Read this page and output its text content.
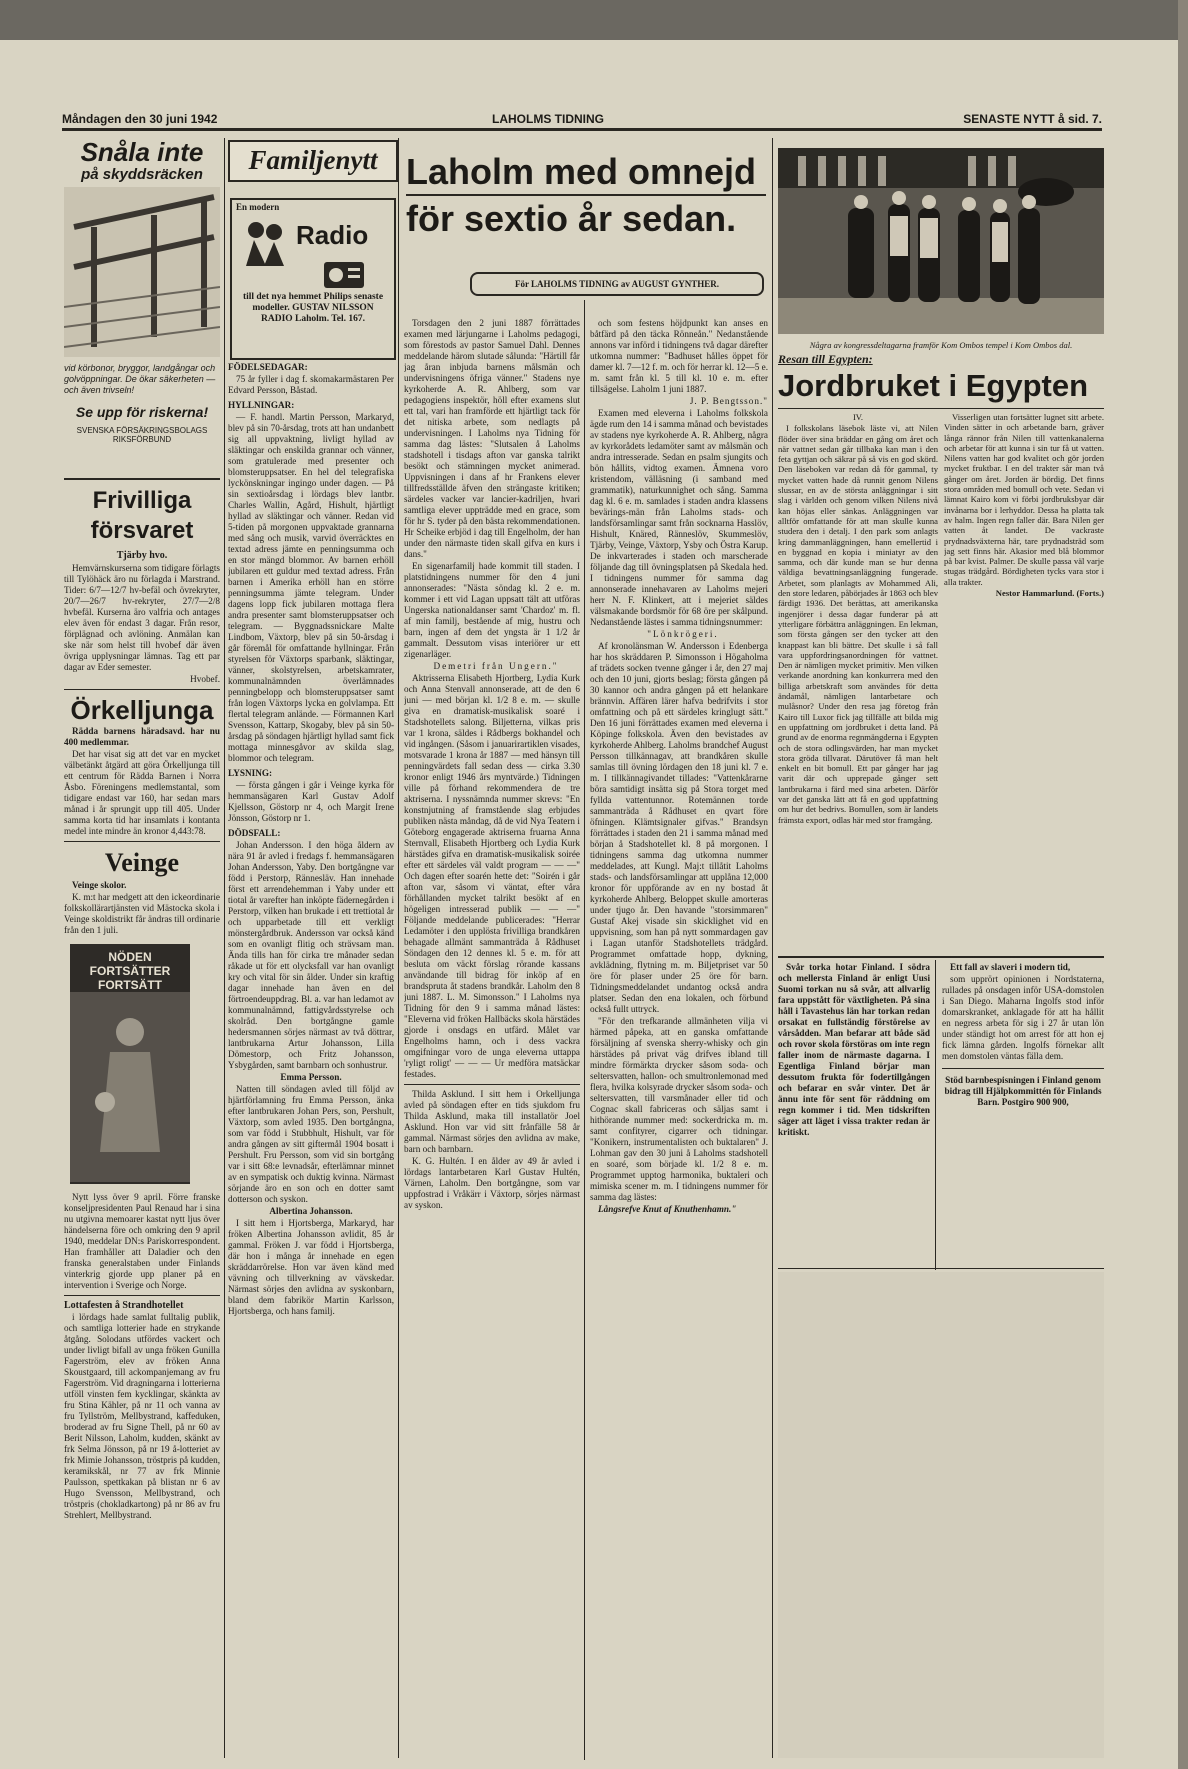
Måndagen den 30 juni 1942	LAHOLMS TIDNING	SENASTE NYTT å sid. 7.
Snåla inte
på skyddsräcken
vid körbonor, bryggor, landgångar och golvöppningar. De ökar säkerheten — och även trivseln!
Se upp för riskerna!
SVENSKA FÖRSÄKRINGSBOLAGS RIKSFÖRBUND
Frivilliga försvaret
Tjärby hvo.

Hemvärnskurserna som tidigare förlagts till Tylöhäck äro nu förlagda i Marstrand. Tider: 6/7—12/7 hv-befäl och övrekryter, 20/7—26/7 hv-rekryter, 27/7—2/8 hvbefäl. Kurserna äro valfria och antages elev även för endast 3 dagar. Från resor, förplägnad och avlöning. Anmälan kan ske när som helst till hvobef där även övriga upplysningar lämnas. Tag ett par dagar av Eder semester.

Hvobef.

Örkelljunga

Rädda barnens häradsavd. har nu 400 medlemmar.

Det har visat sig att det var en mycket välbetänkt åtgärd att göra Örkelljunga till ett centrum för Rädda Barnen i Norra Åsbo. Föreningens medlemstantal, som tidigare endast var 160, har sedan mars månad i år sprungit upp till 405. Under samma korta tid har insamlats i kontanta medel inte mindre än kronor 4,443:78.

Veinge

Veinge skolor.

K. m:t har medgett att den ickeordinarie folkskollärartjänsten vid Mästocka skola i Veinge skoldistrikt får ändras till ordinarie från den 1 juli.

NÖDEN FORTSÄTTER
FORTSÄTT

Nytt lyss över 9 april. Förre franske konseljpresidenten Paul Renaud har i sina nu utgivna memoarer kastat nytt ljus över händelserna före och omkring den 9 april 1940, meddelar DN:s Pariskorrespondent. Han framhåller att Daladier och den franska generalstaben under Finlands vinterkrig gjorde upp planer på en intervention i Sverige och Norge.

Lottafesten å Strandhotellet

i lördags hade samlat fulltalig publik, och samtliga lotterier hade en strykande åtgång. Solodans utfördes vackert och under livligt bifall av unga fröken Gunilla Fagerström, elev av fröken Anna Skoustgaard, till ackompanjemang av fru Fagerström. Vid dragningarna i lotterierna utföll vinsten fem kycklingar, skänkta av fru Stina Kähler, på nr 11 och vanna av fru Tyllström, Mellbystrand, kaffeduken, broderad av fru Signe Thell, på nr 60 av Berit Nilsson, Laholm, kudden, skänkt av frk Selma Jönsson, på nr 19 å-lotteriet av frk Mimie Johansson, tröstpris på kudden, keramikskål, nr 77 av frk Minnie Paulsson, spettkakan på blistan nr 6 av Hugo Svensson, Mellbystrand, och tröstpris (chokladkartong) på nr 86 av fru Strehlert, Mellbystrand.

Familjenytt
En modern
Radio
till det nya hemmet Philips senaste modeller. GUSTAV NILSSON RADIO Laholm. Tel. 167.

FÖDELSEDAGAR:

75 år fyller i dag f. skomakarmästaren Per Edvard Persson, Båstad.

HYLLNINGAR:

— F. handl. Martin Persson, Markaryd, blev på sin 70-årsdag, trots att han undanbett sig all uppvaktning, livligt hyllad av släktingar och enskilda grannar och vänner, som gratulerade med presenter och blomsteruppsatser. En hel del telegrafiska lyckönskningar ingingo under dagen. — På sin sextioårsdag i lördags blev lantbr. Charles Wallin, Agård, Hishult, hjärtligt hyllad av släktingar och vänner. Redan vid 5-tiden på morgonen uppvaktade grannarna med sång och musik, varvid överräcktes en textad adress jämte en penningsumma och en stor mängd blommor. Av barnen erhöll jubilaren ett guldur med textad adress. Från barnen i Amerika erhöll han en större penningsumma jämte telegram. Under dagens lopp fick jubilaren mottaga flera andra presenter samt blomsteruppsatser och telegram. — Byggnadssnickare Malte Lindbom, Växtorp, blev på sin 50-årsdag i går föremål för omfattande hyllningar. Från styrelsen för Växtorps sparbank, släktingar, vänner, skolstyrelsen, arbetskamrater, kommunalnämnden överlämnades penningbelopp och blomsteruppsatser samt från logen Växtorps lycka en golvlampa. Ett flertal telegram anlände. — Förmannen Karl Svensson, Kattarp, Skogaby, blev på sin 50-årsdag på söndagen hjärtligt hyllad samt fick mottaga minnesgåvor av skilda slag, blommor och telegram.

LYSNING:

— första gången i går i Veinge kyrka för hemmansägaren Karl Gustav Adolf Kjellsson, Göstorp nr 4, och Margit Irene Jönsson, Göstorp nr 1.

DÖDSFALL:

Johan Andersson. I den höga åldern av nära 91 år avled i fredags f. hemmansägaren Johan Andersson, Yaby. Den bortgångne var född i Perstorp, Rännesläv. Han innehade först ett arrendehemman i Yaby under ett tiotal år varefter han inköpte fädernegården i Perstorp, vilken han brukade i ett trettiotal år och upparbetade till ett verkligt mönstergårdbruk. Andersson var också känd som en ovanligt flitig och strävsam man. Ända tills han för cirka tre månader sedan råkade ut för ett olycksfall var han ovanligt kry och vital för sin ålder. Under sin kraftig dagar innehade han även en del förtroendeuppdrag. Bl. a. var han ledamot av kommunalnämnd, fattigvårdsstyrelse och skolråd. Den bortgångne gamle hedersmannen sörjes närmast av två döttrar, lantbrukarna Artur Johansson, Lilla Dömestorp, och Fritz Johansson, Ysbygården, samt barnbarn och sonhustrur.

Emma Persson.

Natten till söndagen avled till följd av hjärtförlamning fru Emma Persson, änka efter lantbrukaren Johan Pers, son, Pershult, Växtorp, som avled 1935. Den bortgångna, som var född i Stubbhult, Hishult, var för andra gången av sitt giftermål 1904 bosatt i Pershult. Fru Persson, som vid sin bortgång var i sitt 68:e levnadsår, efterlämnar minnet av en sympatisk och duktig kvinna. Närmast sörjande äro en son och en dotter samt dotterson och syskon.

Albertina Johansson.

I sitt hem i Hjortsberga, Markaryd, har fröken Albertina Johansson avlidit, 85 år gammal. Fröken J. var född i Hjortsberga, där hon i många år innehade en egen skräddarrörelse. Hon var även känd med vävning och tillverkning av vävskedar. Närmast sörjes den avlidna av syskonbarn, bland dem fabrikör Martin Karlsson, Hjortsberga, och hans familj.

Laholm med omnejd
för sextio år sedan.
För LAHOLMS TIDNING av AUGUST GYNTHER.

Torsdagen den 2 juni 1887 förrättades examen med lärjungarne i Laholms pedagogi, som förestods av pastor Samuel Dahl. Dennes meddelande härom slutade sålunda: "Härtill får jag åran inbjuda barnens målsmän och undervisningens öfriga vänner." Stadens nye kyrkoherde A. R. Ahlberg, som var pedagogiens inspektör, höll efter examens slut ett tal, vari han framförde ett hjärtligt tack för det nitiska arbete, som nedlagts på undervisningen. I Laholms nya Tidning för samma dag lästes: "Slutsalen å Laholms stadshotell i tisdags afton var ganska talrikt besökt och stämningen mycket animerad. Uppvisningen i dans af hr Frankens elever tillfredsställde äfven den strängaste kritiken; särdeles vacker var lancier-kadriljen, hvari samtliga elever uppträdde med en grace, som för hr S. tyder på den bästa rekommendationen. Hr Scheike erbjöd i dag till Engelholm, der han under den närmaste tiden skall gifva en kurs i dans."

En sigenarfamilj hade kommit till staden. I platstidningens nummer för den 4 juni annonserades: "Nästa söndag kl. 2 e. m. kommer i ett vid Lagan uppsatt tält att utföras Ungerska nationaldanser samt 'Chardoz' m. fl. af min familj, bestående af mig, hustru och barn, ingen af dem det yngsta är 1 1/2 år gammalt. Dessutom visas interiörer ur ett zigenarläger.

Demetri från Ungern."

Aktrisserna Elisabeth Hjortberg, Lydia Kurk och Anna Stenvall annonserade, att de den 6 juni — med början kl. 1/2 8 e. m. — skulle giva en dramatisk-musikalisk soaré i Stadshotellets salong. Biljetterna, vilkas pris var 1 krona, säldes i Rådbergs bokhandel och vid ingången. (Såsom i januarirartiklen visades, motsvarade 1 krona år 1887 — med hänsyn till penningvärdets fall sedan dess — cirka 3.30 kronor enligt 1946 års myntvärde.) Tidningen ville på förhand rekommendera de tre aktriserna. I nyssnämnda nummer skrevs: "En konstnjutning af framstående slag erbjudes publiken nästa måndag, då de vid Nya Teatern i Göteborg engagerade aktriserna fruarna Anna Sternvall, Elisabeth Hjortberg och Lydia Kurk härstädes gifva en dramatisk-musikalisk soirée efter ett särdeles väl valdt program — — —" Och dagen efter soarén hette det: "Soirén i går afton var, såsom vi väntat, efter våra förhållanden mycket talrikt besökt af en högeligen intresserad publik — — —" Följande meddelande publicerades: "Herrar Ledamöter i den upplösta frivilliga brandkåren behagade allmänt sammanträda å Rådhuset Söndagen den 12 dennes kl. 5 e. m. för att besluta om väckt förslag rörande kassans användande till bidrag för inköp af en brandspruta åt stadens brandkår. Laholm den 8 juni 1887. L. M. Simonsson." I Laholms nya Tidning för den 9 i samma månad lästes: "Eleverna vid fröken Hallbäcks skola härstädes gjorde i onsdags en utfärd. Målet var Engelholms hamn, och i dess vackra omgifningar voro de unga eleverna uttappa 'ryligt roligt' — — — Ur medföra matsäckar festades.

Thilda Asklund. I sitt hem i Orkelljunga avled på söndagen efter en tids sjukdom fru Thilda Asklund, maka till installatör Joel Asklund. Hon var vid sitt frånfälle 58 år gammal. Närmast sörjes den avlidna av make, barn och barnbarn.

K. G. Hultén. I en ålder av 49 år avled i lördags lantarbetaren Karl Gustav Hultén, Värnen, Laholm. Den bortgångne, som var uppfostrad i Vråkärr i Växtorp, sörjes närmast av syskon.

och som festens höjdpunkt kan anses en båtfärd på den täcka Rönneån." Nedanstående annons var införd i tidningens två dagar därefter utkomna nummer: "Badhuset hålles öppet för damer kl. 7—12 f. m. och för herrar kl. 12—5 e. m. samt från kl. 5 till kl. 10 e. m. efter tillsägelse. Laholm 1 juni 1887.

J. P. Bengtsson."

Examen med eleverna i Laholms folkskola ägde rum den 14 i samma månad och bevistades av stadens nye kyrkoherde A. R. Ahlberg, några av kyrkorådets ledamöter samt av målsmän och andra intresserade. Sedan en psalm sjungits och bön hållits, vidtog examen. Ämnena voro kristendom, välläsning (i samband med grammatik), naturkunnighet och sång. Samma dag kl. 6 e. m. samlades i staden andra klassens bevärings-män från Laholms stads- och landsförsamlingar samt från socknarna Hasslöv, Hishult, Knäred, Ränneslöv, Skummeslöv, Tjärby, Veinge, Växtorp, Ysby och Östra Karup. De inkvarterades i staden och marscherade följande dag till övningsplatsen på Skedala hed. I tidningens nummer för samma dag annonserade innehavaren av Laholms mejeri herr N. F. Klinkert, att i mejeriet säldes välsmakande bordsmör för 68 öre per skålpund. Nedanstående lästes i samma tidningsnummer:

"Lönkrögeri.

Af kronolänsman W. Andersson i Edenberga har hos skräddaren P. Simonsson i Högaholma af trädets socken tvenne gånger i år, den 27 maj och den 10 juni, gjorts beslag; första gången på 30 kannor och andra gången på ett helankare brännvin. Affären lärer hafva bedrifvits i stor omfattning och på ett särdeles kringlugt sätt." Den 16 juni förrättades examen med eleverna i Köpinge folkskola. Även den bevistades av kyrkoherde Ahlberg. Laholms brandchef August Persson tillkännagav, att brandkåren skulle samlas till övning lördagen den 18 juni kl. 7 e. m. I tillkännagivandet tillades: "Vattenkårarne böra samtidigt insätta sig på Stora torget med fyllda vattentunnor. Rotemännen torde sammanträda å Rådhuset en qvart före öfningen. Klämtsignaler gifvas." Brandsyn förrättades i staden den 21 i samma månad med början å Stadshotellet kl. 8 på morgonen. I tidningens samma dag utkomna nummer meddelades, att Kungl. Maj:t tillåtit Laholms stads- och landsförsamlingar att upplåna 12,000 kronor för uppförande av en ny bostad åt kyrkoherde Ahlberg. Beloppet skulle amorteras under tjugo år. Den havande "storsimmaren" Gustaf Akej visade sin skicklighet vid en uppvisning, som han på nytt sommardagen gav i Lagan utanför Stadshotellets trädgård. Programmet omfattade hopp, dykning, avklädning, flytning m. m. Biljetpriset var 50 öre för plaser under 25 öre för barn. Tidningsmeddelandet undantog också andra platser. Sedan den ena lokalen, och förbund också fullt uttryck.

"För den trefkarande allmänheten vilja vi härmed påpeka, att en ganska omfattande försäljning af svenska sherry-whisky och gin härstädes på privat väg drifves ibland till mindre förmärkta drycker såsom soda- och seltersvatten, hallon- och smultronlemonad med flera, hvilka kolsyrade drycker såsom soda- och seltersvatten, till varsmånader eller tid och Cognac skall fabriceras och säljas samt i hithörande nummer med: sockerdricka m. m. samt confityrer, cigarrer och tidningar. "Konikern, instrumentalisten och buktalaren" J. Lohman gav den 30 juni å Laholms stadshotell en soaré, som började kl. 1/2 8 e. m. Programmet upptog harmonika, buktaleri och mimiska scener m. m. I tidningens nummer för samma dag lästes:

Långsrefve Knut af Knuthenhamn."

Några av kongressdeltagarna framför Kom Ombos tempel i Kom Ombos dal.
Resan till Egypten:
Jordbruket i Egypten

IV.

I folkskolans läsebok läste vi, att Nilen flöder över sina bräddar en gång om året och när vattnet sedan går tillbaka kan man i den feta gyttjan och säkrar på så vis en god skörd. Den läseboken var redan då för gammal, ty mycket vatten hade då runnit genom Nilens slussar, en av de största anläggningar i sitt slag i världen och genom vilken Nilens nivå kan höjas eller sänkas. Anläggningen var alltför omfattande för att man skulle kunna studera den i detalj. I den park som anlagts kring dammanläggningen, hann emellertid i en byggnad en kopia i miniatyr av den samma, och där kunde man se hur denna väldiga bevattningsanläggning fungerade. Arbetet, som planlagts av Mohammed Ali, den store ledaren, påbörjades år 1863 och blev färdigt 1936. Det berättas, att amerikanska ingenjörer i dessa dagar funderar på att ytterligare förbättra anläggningen. En lekman, som första gången ser den tycker att den knappast kan bli bättre. Det skulle i så fall vara uppfordringsanordningen för vattnet. Den är nämligen mycket primitiv. Men vilken verkande anordning kan konkurrera med den billiga arbetskraft som användes för detta ändamål, nämligen lantarbetare och mulåsnor? Under den resa jag företog från Kairo till Luxor fick jag tillfälle att bilda mig en uppfattning om jordbruket i detta land. På grund av de enorma regnmängderna i Egypten och de stora odlingsvärden, har man mycket stora gröda tillvarat. Därutöver få man helt enkelt en bit bomull. Ett par gånger har jag varit där och upprepade gånger sett lantbrukarna i färd med sina arbeten. Därför var det ganska lätt att få en god uppfattning om hur det bedrivs. Bomullen, som är landets främsta export, odlas här med stor framgång.

Visserligen utan fortsätter lugnet sitt arbete. Vinden sätter in och arbetande barn, gräver långa rännor från Nilen till vattenkanalerna och arbetar för att kunna i sin tur få ut vatten. Nilens vatten har god kvalitet och gör jorden mycket fruktbar. I en del trakter sår man två gånger om året. Jorden är bördig. Det finns stora områden med bomull och vete. Sedan vi lämnat Kairo kom vi förbi jordbruksbyar där invånarna bor i lerhyddor. Dessa ha platta tak av halm. Ingen regn faller där. Bara Nilen ger vatten åt landet. De vackraste prydnadsväxterna här, tare prydnadsträd som jag sett finns här. Akasior med blå blommor på bar kvist. Palmer. De skulle passa väl varje stugas trädgård. Bördigheten tycks vara stor i alla trakter.

Nestor Hammarlund. (Forts.)

Svår torka hotar Finland. I södra och mellersta Finland är enligt Uusi Suomi torkan nu så svår, att allvarlig fara uppstått för växtligheten. På sina håll i Tavastehus län har torkan redan orsakat en fullständig förstörelse av vårsådden. Man befarar att både säd och rovor skola förstöras om inte regn faller inom de närmaste dagarna. I Egentliga Finland börjar man dessutom frukta för fodertillgången och befarar en svår vinter. Det är ännu inte för sent för räddning om regn kommer i tid. Men tidskriften säger att läget i vissa trakter redan är kritiskt.

Ett fall av slaveri i modern tid,

som upprört opinionen i Nordstaterna, rullades på onsdagen inför USA-domstolen i San Diego. Maharna Ingolfs stod inför domarskranket, anklagade för att ha hållit en negress arbeta för sig i 27 år utan lön under ständigt hot om arrest för att hon ej fick lämna gården. Ingolfs förnekar allt men domstolen väntas fälla dem.

Stöd barnbespisningen i Finland genom bidrag till Hjälpkommittén för Finlands Barn. Postgiro 900 900,
